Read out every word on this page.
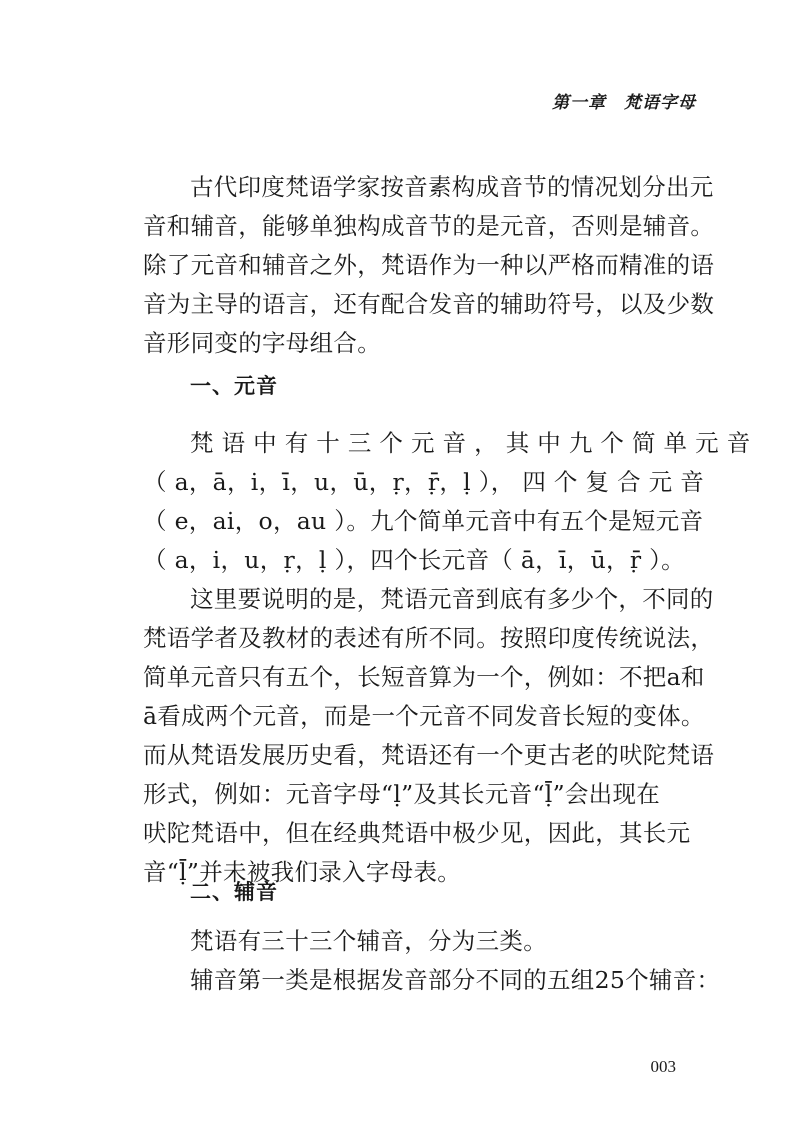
第一章　梵语字母

古代印度梵语学家按音素构成音节的情况划分出元

音和辅音，能够单独构成音节的是元音，否则是辅音。

除了元音和辅音之外，梵语作为一种以严格而精准的语

音为主导的语言，还有配合发音的辅助符号，以及少数

音形同变的字母组合。

一、元音

梵 语 中 有 十 三 个 元 音 ， 其 中 九 个 简 单 元 音

（ a，ā，i，ī，u，ū，ṛ，ṝ，ḷ ）， 四 个 复 合 元 音

（ e，ai，o，au ）。九个简单元音中有五个是短元音

（ a，i，u，ṛ，ḷ ），四个长元音（ ā，ī，ū，ṝ ）。

这里要说明的是，梵语元音到底有多少个，不同的

梵语学者及教材的表述有所不同。按照印度传统说法，

简单元音只有五个，长短音算为一个，例如：不把a和

ā看成两个元音，而是一个元音不同发音长短的变体。

而从梵语发展历史看，梵语还有一个更古老的吠陀梵语

形式，例如：元音字母“ḷ”及其长元音“ḹ”会出现在

吠陀梵语中，但在经典梵语中极少见，因此，其长元

音“ḹ”并未被我们录入字母表。

二、辅音

梵语有三十三个辅音，分为三类。

辅音第一类是根据发音部分不同的五组25个辅音：

003
